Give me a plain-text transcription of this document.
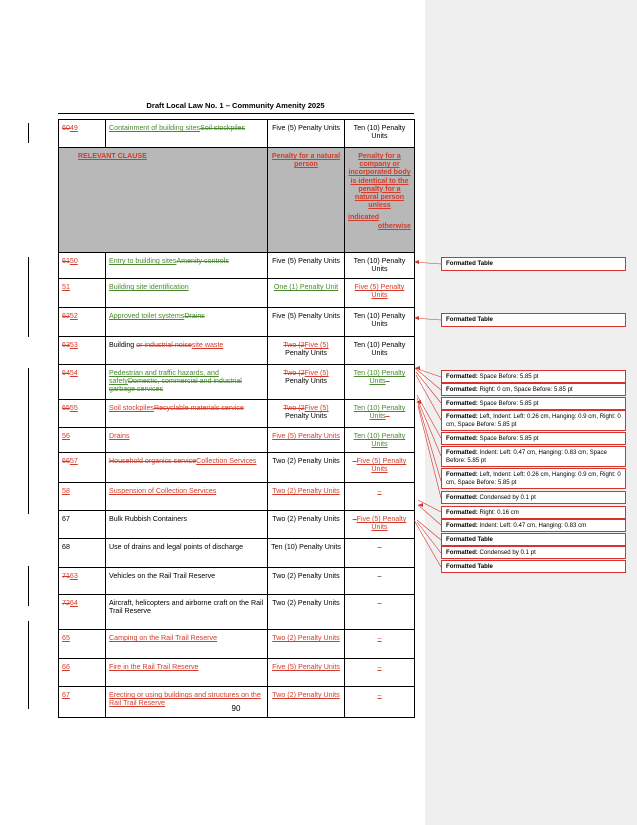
Draft Local Law No. 1 – Community Amenity 2025
6049	Containment of building sitesSoil stockpiles	Five (5) Penalty Units	Ten (10) Penalty Units
RELEVANT CLAUSE		Penalty for a natural person	Penalty for a company or incorporated body is identical to the penalty for a natural person unless
indicated
otherwise

6150	Entry to building sitesAmenity controls	Five (5) Penalty Units	Ten (10) Penalty Units
51	Building site identification	One (1) Penalty Unit	Five (5) Penalty Units
6252	Approved toilet systemsDrains	Five (5) Penalty Units	Ten (10) Penalty Units
6353	Building or industrial noisesite waste	Two (2Five (5) Penalty Units	Ten (10) Penalty Units
6454	Pedestrian and traffic hazards, and safetyDomestic, commercial and industrial garbage services	Two (2Five (5) Penalty Units	Ten (10) Penalty Units–
6555	Soil stockpilesRecyclable materials service	Two (2Five (5) Penalty Units	Ten (10) Penalty Units–
56	Drains	Five (5) Penalty Units	Ten (10) Penalty Units
6657	Household organics serviceCollection Services	Two (2) Penalty Units	–Five (5) Penalty Units
58	Suspension of Collection Services	Two (2) Penalty Units	–
67	Bulk Rubbish Containers	Two (2) Penalty Units	–Five (5) Penalty Units
68	Use of drains and legal points of discharge	Ten (10) Penalty Units	–
7163	Vehicles on the Rail Trail Reserve	Two (2) Penalty Units	–
7264	Aircraft, helicopters and airborne craft on the Rail Trail Reserve	Two (2) Penalty Units	–
65	Camping on the Rail Trail Reserve	Two (2) Penalty Units	–
66	Fire in the Rail Trail Reserve	Five (5) Penalty Units	–
67	Erecting or using buildings and structures on the Rail Trail Reserve	Two (2) Penalty Units	–
90
Formatted Table
Formatted Table
Formatted: Space Before: 5.85 pt
Formatted: Right: 0 cm, Space Before: 5.85 pt
Formatted: Space Before: 5.85 pt
Formatted: Left, Indent: Left: 0.26 cm, Hanging: 0.9 cm, Right: 0 cm, Space Before: 5.85 pt
Formatted: Space Before: 5.85 pt
Formatted: Indent: Left: 0.47 cm, Hanging: 0.83 cm, Space Before: 5.85 pt
Formatted: Left, Indent: Left: 0.26 cm, Hanging: 0.9 cm, Right: 0 cm, Space Before: 5.85 pt
Formatted: Condensed by 0.1 pt
Formatted: Right: 0.16 cm
Formatted: Indent: Left: 0.47 cm, Hanging: 0.83 cm
Formatted Table
Formatted: Condensed by 0.1 pt
Formatted Table
